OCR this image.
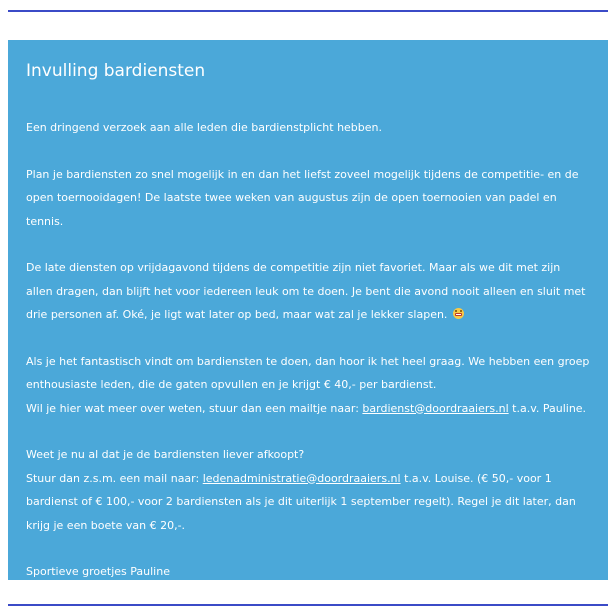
Invulling bardiensten

Een dringend verzoek aan alle leden die bardienstplicht hebben.

Plan je bardiensten zo snel mogelijk in en dan het liefst zoveel mogelijk tijdens de competitie- en de open toernooidagen! De laatste twee weken van augustus zijn de open toernooien van padel en tennis.

De late diensten op vrijdagavond tijdens de competitie zijn niet favoriet. Maar als we dit met zijn allen dragen, dan blijft het voor iedereen leuk om te doen. Je bent die avond nooit alleen en sluit met drie personen af. Oké, je ligt wat later op bed, maar wat zal je lekker slapen.

Als je het fantastisch vindt om bardiensten te doen, dan hoor ik het heel graag. We hebben een groep enthousiaste leden, die de gaten opvullen en je krijgt € 40,- per bardienst.
Wil je hier wat meer over weten, stuur dan een mailtje naar: bardienst@doordraaiers.nl t.a.v. Pauline.

Weet je nu al dat je de bardiensten liever afkoopt?
Stuur dan z.s.m. een mail naar: ledenadministratie@doordraaiers.nl t.a.v. Louise. (€ 50,- voor 1 bardienst of € 100,- voor 2 bardiensten als je dit uiterlijk 1 september regelt). Regel je dit later, dan krijg je een boete van € 20,-.

Sportieve groetjes Pauline
